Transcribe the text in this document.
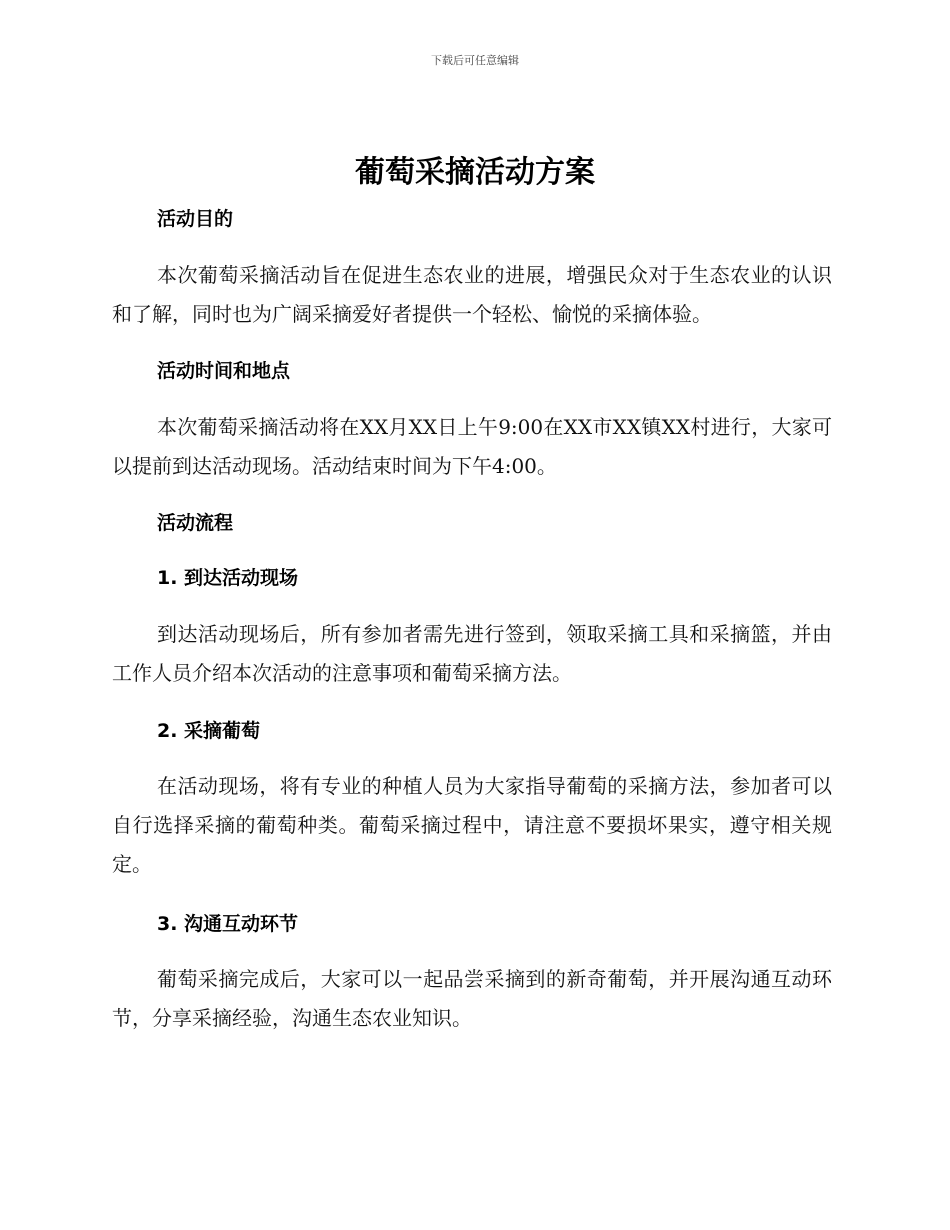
下载后可任意编辑
葡萄采摘活动方案
活动目的

本次葡萄采摘活动旨在促进生态农业的进展，增强民众对于生态农业的认识和了解，同时也为广阔采摘爱好者提供一个轻松、愉悦的采摘体验。

活动时间和地点

本次葡萄采摘活动将在XX月XX日上午9:00在XX市XX镇XX村进行，大家可以提前到达活动现场。活动结束时间为下午4:00。

活动流程
1. 到达活动现场

到达活动现场后，所有参加者需先进行签到，领取采摘工具和采摘篮，并由工作人员介绍本次活动的注意事项和葡萄采摘方法。

2. 采摘葡萄

在活动现场，将有专业的种植人员为大家指导葡萄的采摘方法，参加者可以自行选择采摘的葡萄种类。葡萄采摘过程中，请注意不要损坏果实，遵守相关规定。

3. 沟通互动环节

葡萄采摘完成后，大家可以一起品尝采摘到的新奇葡萄，并开展沟通互动环节，分享采摘经验，沟通生态农业知识。
